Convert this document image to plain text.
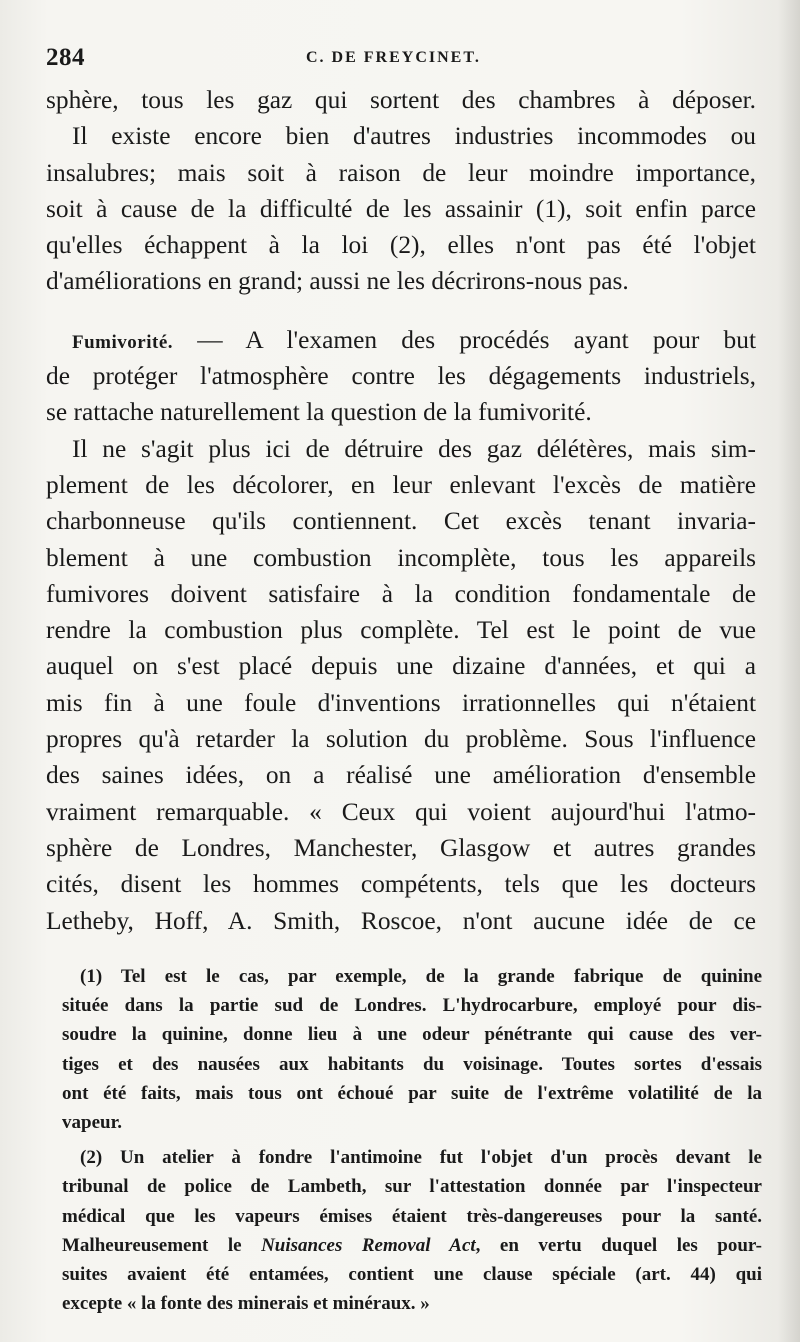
284	C. DE FREYCINET.
sphère, tous les gaz qui sortent des chambres à déposer.
Il existe encore bien d'autres industries incommodes ou
insalubres; mais soit à raison de leur moindre importance,
soit à cause de la difficulté de les assainir (1), soit enfin parce
qu'elles échappent à la loi (2), elles n'ont pas été l'objet
d'améliorations en grand; aussi ne les décrirons-nous pas.
Fumivorité. — A l'examen des procédés ayant pour but
de protéger l'atmosphère contre les dégagements industriels,
se rattache naturellement la question de la fumivorité.
Il ne s'agit plus ici de détruire des gaz délétères, mais sim-
plement de les décolorer, en leur enlevant l'excès de matière
charbonneuse qu'ils contiennent. Cet excès tenant invaria-
blement à une combustion incomplète, tous les appareils
fumivores doivent satisfaire à la condition fondamentale de
rendre la combustion plus complète. Tel est le point de vue
auquel on s'est placé depuis une dizaine d'années, et qui a
mis fin à une foule d'inventions irrationnelles qui n'étaient
propres qu'à retarder la solution du problème. Sous l'influence
des saines idées, on a réalisé une amélioration d'ensemble
vraiment remarquable. « Ceux qui voient aujourd'hui l'atmo-
sphère de Londres, Manchester, Glasgow et autres grandes
cités, disent les hommes compétents, tels que les docteurs
Letheby, Hoff, A. Smith, Roscoe, n'ont aucune idée de ce
(1) Tel est le cas, par exemple, de la grande fabrique de quinine
située dans la partie sud de Londres. L'hydrocarbure, employé pour dis-
soudre la quinine, donne lieu à une odeur pénétrante qui cause des ver-
tiges et des nausées aux habitants du voisinage. Toutes sortes d'essais
ont été faits, mais tous ont échoué par suite de l'extrême volatilité de la
vapeur.
(2) Un atelier à fondre l'antimoine fut l'objet d'un procès devant le
tribunal de police de Lambeth, sur l'attestation donnée par l'inspecteur
médical que les vapeurs émises étaient très-dangereuses pour la santé.
Malheureusement le Nuisances Removal Act, en vertu duquel les pour-
suites avaient été entamées, contient une clause spéciale (art. 44) qui
excepte « la fonte des minerais et minéraux. »
